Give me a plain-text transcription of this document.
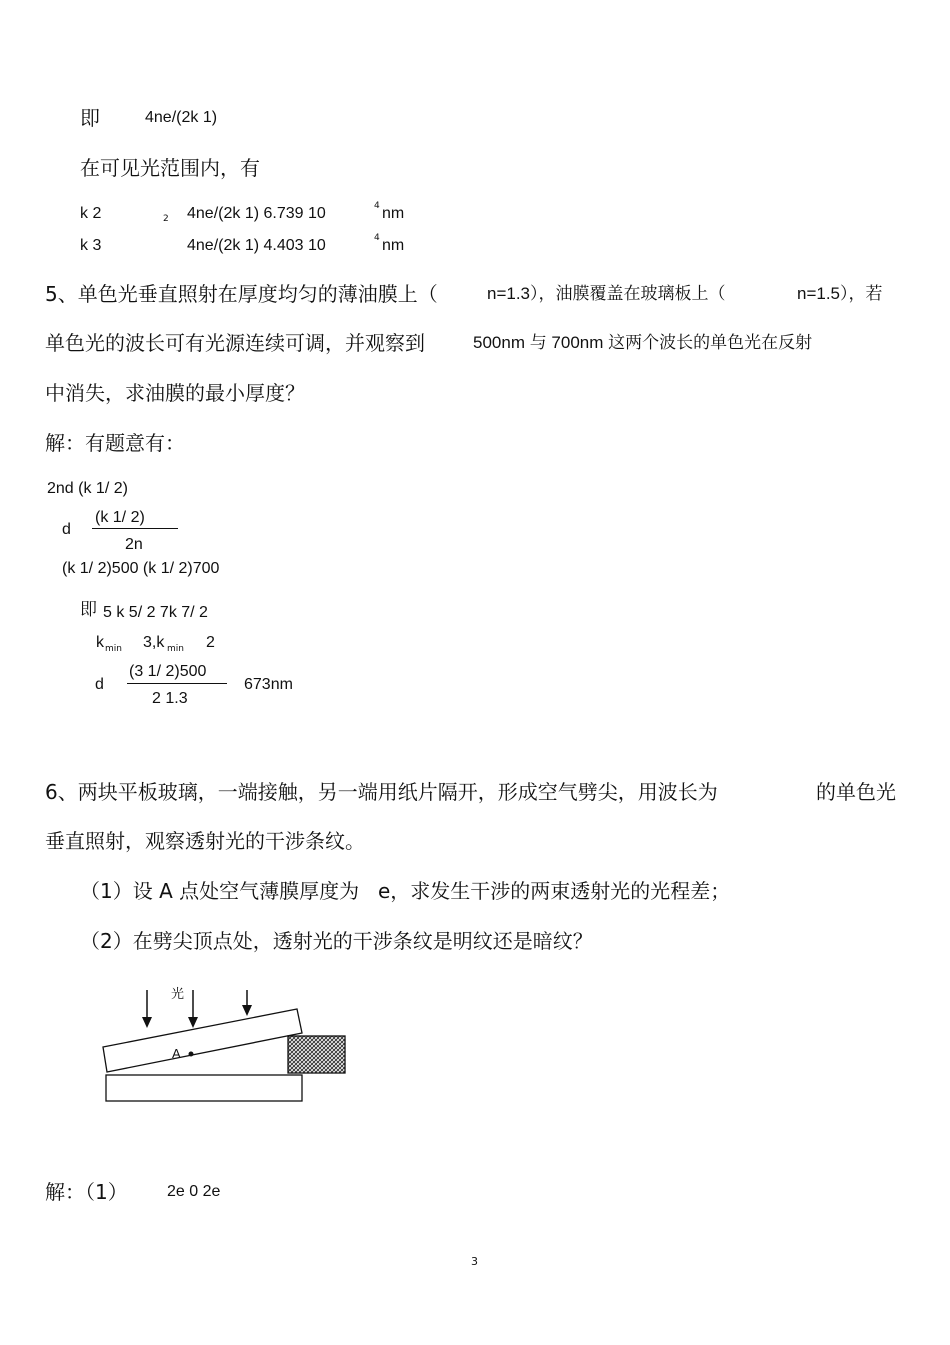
即	4ne/(2k 1)
在可见光范围内，有
k 2	2 4ne/(2k 1) 6.739 10	4 nm
k 3	4ne/(2k 1) 4.403 10	4 nm
5、单色光垂直照射在厚度均匀的薄油膜上（	n=1.3），油膜覆盖在玻璃板上（	n=1.5），若
单色光的波长可有光源连续可调，并观察到	500nm 与 700nm 这两个波长的单色光在反射
中消失，求油膜的最小厚度？
解：有题意有：
2nd (k 1/ 2)
d
(k 1/ 2)
2n
(k 1/ 2)500 (k 1/ 2)700
即 5 k 5/ 2 7k 7/ 2
k min 3,k min 2
d
(3 1/ 2)500
2 1.3
673nm
6、两块平板玻璃，一端接触，另一端用纸片隔开，形成空气劈尖，用波长为	的单色光
垂直照射，观察透射光的干涉条纹。
（1）设 A 点处空气薄膜厚度为 e，求发生干涉的两束透射光的光程差；
（2）在劈尖顶点处，透射光的干涉条纹是明纹还是暗纹？
光
A
解：（1） 2e 0 2e
3
